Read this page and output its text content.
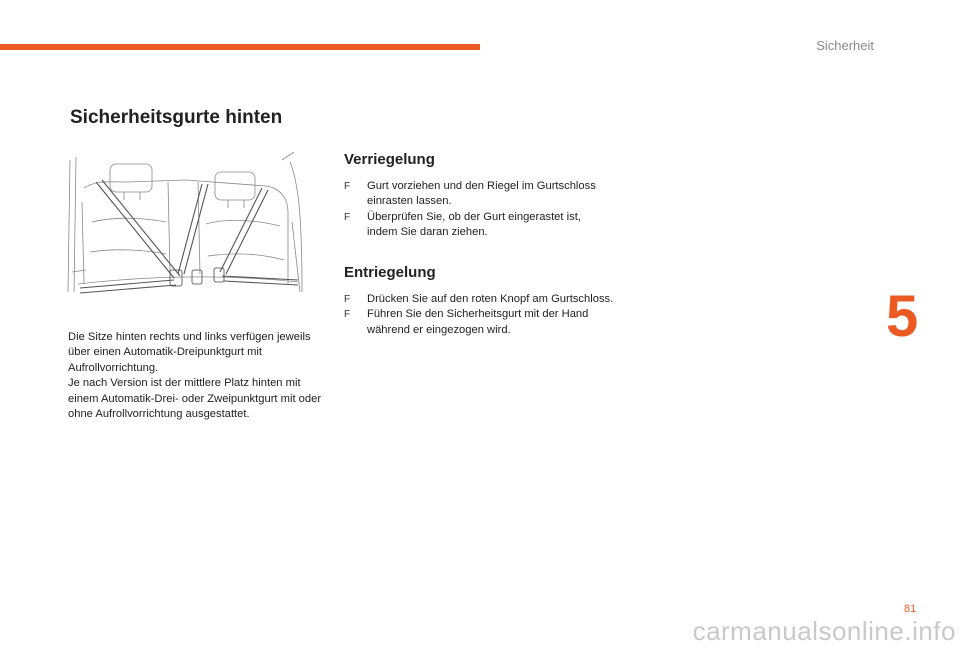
Sicherheit
5
Sicherheitsgurte hinten

Die Sitze hinten rechts und links verfügen jeweils über einen Automatik-Dreipunktgurt mit Aufrollvorrichtung.

Je nach Version ist der mittlere Platz hinten mit einem Automatik-Drei- oder Zweipunktgurt mit oder ohne Aufrollvorrichtung ausgestattet.

Verriegelung
F Gurt vorziehen und den Riegel im Gurtschloss einrasten lassen.
F Überprüfen Sie, ob der Gurt eingerastet ist, indem Sie daran ziehen.
Entriegelung
F Drücken Sie auf den roten Knopf am Gurtschloss.
F Führen Sie den Sicherheitsgurt mit der Hand während er eingezogen wird.
81
carmanualsonline.info
